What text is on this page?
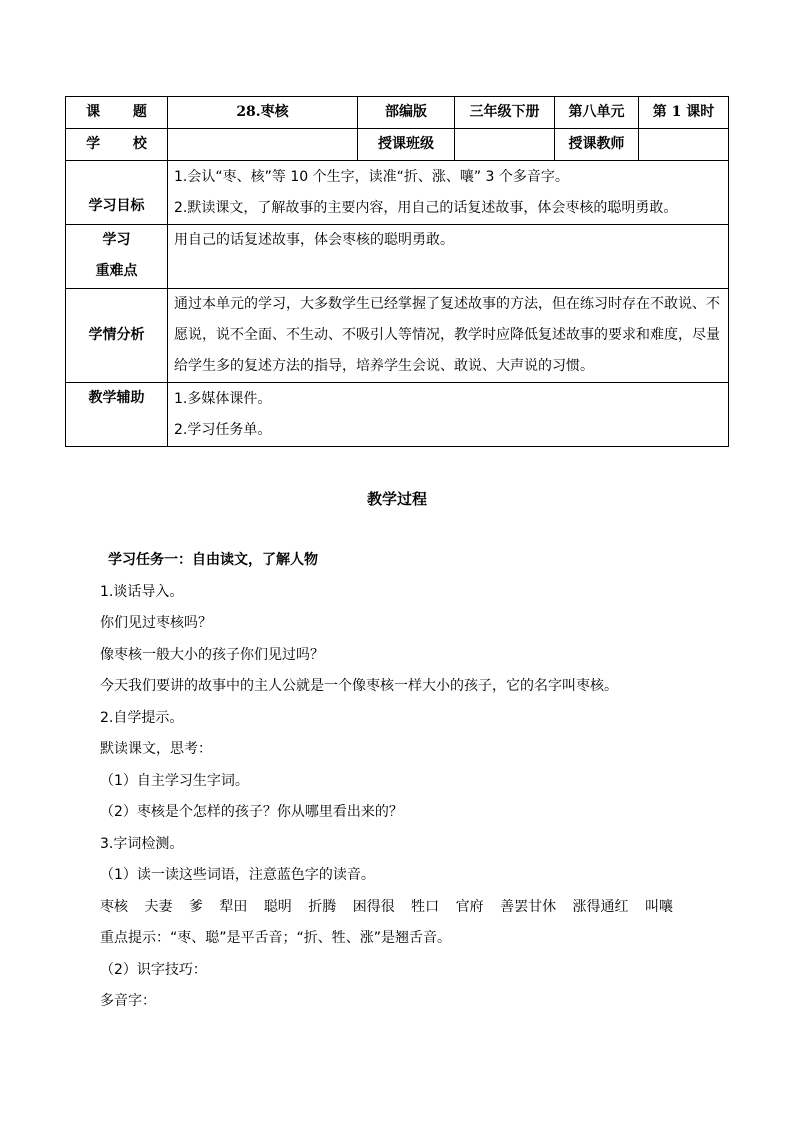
课 题	28.枣核	部编版	三年级下册	第八单元	第 1 课时
学 校		授课班级		授课教师	
学习目标	1.会认“枣、核”等 10 个生字，读准“折、涨、嚷” 3 个多音字。

2.默读课文，了解故事的主要内容，用自己的话复述故事，体会枣核的聪明勇敢。				

学习
重难点	用自己的话复述故事，体会枣核的聪明勇敢。				
学情分析	通过本单元的学习，大多数学生已经掌握了复述故事的方法，但在练习时存在不敢说、不

愿说，说不全面、不生动、不吸引人等情况，教学时应降低复述故事的要求和难度，尽量

给学生多的复述方法的指导，培养学生会说、敢说、大声说的习惯。				

教学辅助	1.多媒体课件。

2.学习任务单。				

教学过程
学习任务一：自由读文，了解人物
1.谈话导入。
你们见过枣核吗？
像枣核一般大小的孩子你们见过吗？
今天我们要讲的故事中的主人公就是一个像枣核一样大小的孩子，它的名字叫枣核。
2.自学提示。
默读课文，思考：
（1）自主学习生字词。
（2）枣核是个怎样的孩子？你从哪里看出来的？
3.字词检测。
（1）读一读这些词语，注意蓝色字的读音。
枣核 夫妻 爹 犁田 聪明 折腾 困得很 牲口 官府 善罢甘休 涨得通红 叫嚷
重点提示：“枣、聪”是平舌音；“折、牲、涨”是翘舌音。
（2）识字技巧：
多音字：
